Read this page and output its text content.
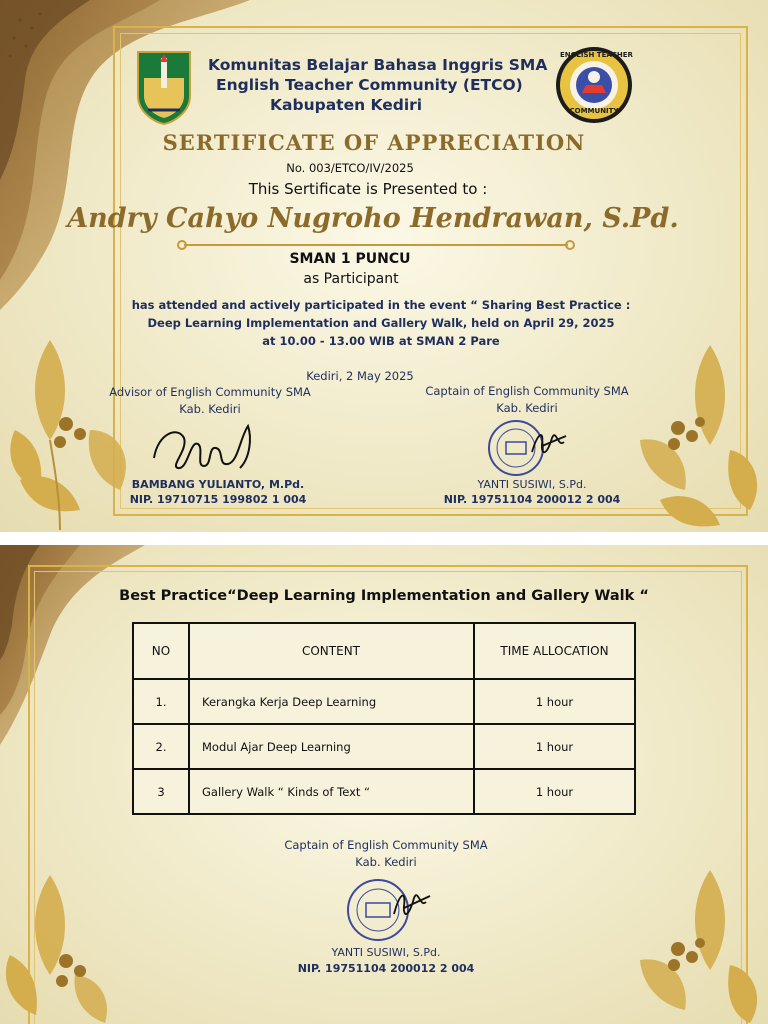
ENGLISH TEACHER
COMMUNITY
Komunitas Belajar Bahasa Inggris SMA
English Teacher Community (ETCO)
Kabupaten Kediri
SERTIFICATE OF APPRECIATION
No. 003/ETCO/IV/2025
This Sertificate is Presented to :
Andry Cahyo Nugroho Hendrawan, S.Pd.
SMAN 1 PUNCU
as Participant
has attended and actively participated in the event “ Sharing Best Practice :
Deep Learning Implementation and Gallery Walk, held on April 29, 2025
at 10.00 - 13.00 WIB at SMAN 2 Pare
Kediri, 2 May 2025
Advisor of English Community SMA
Kab. Kediri
BAMBANG YULIANTO, M.Pd.
NIP. 19710715 199802 1 004
Captain of English Community SMA
Kab. Kediri
YANTI SUSIWI, S.Pd.
NIP. 19751104 200012 2 004
Best Practice“Deep Learning Implementation and Gallery Walk “
NO	CONTENT	TIME ALLOCATION
1.	Kerangka Kerja Deep Learning	1 hour
2.	Modul Ajar Deep Learning	1 hour
3	Gallery Walk “ Kinds of Text “	1 hour
Captain of English Community SMA
Kab. Kediri
YANTI SUSIWI, S.Pd.
NIP. 19751104 200012 2 004
